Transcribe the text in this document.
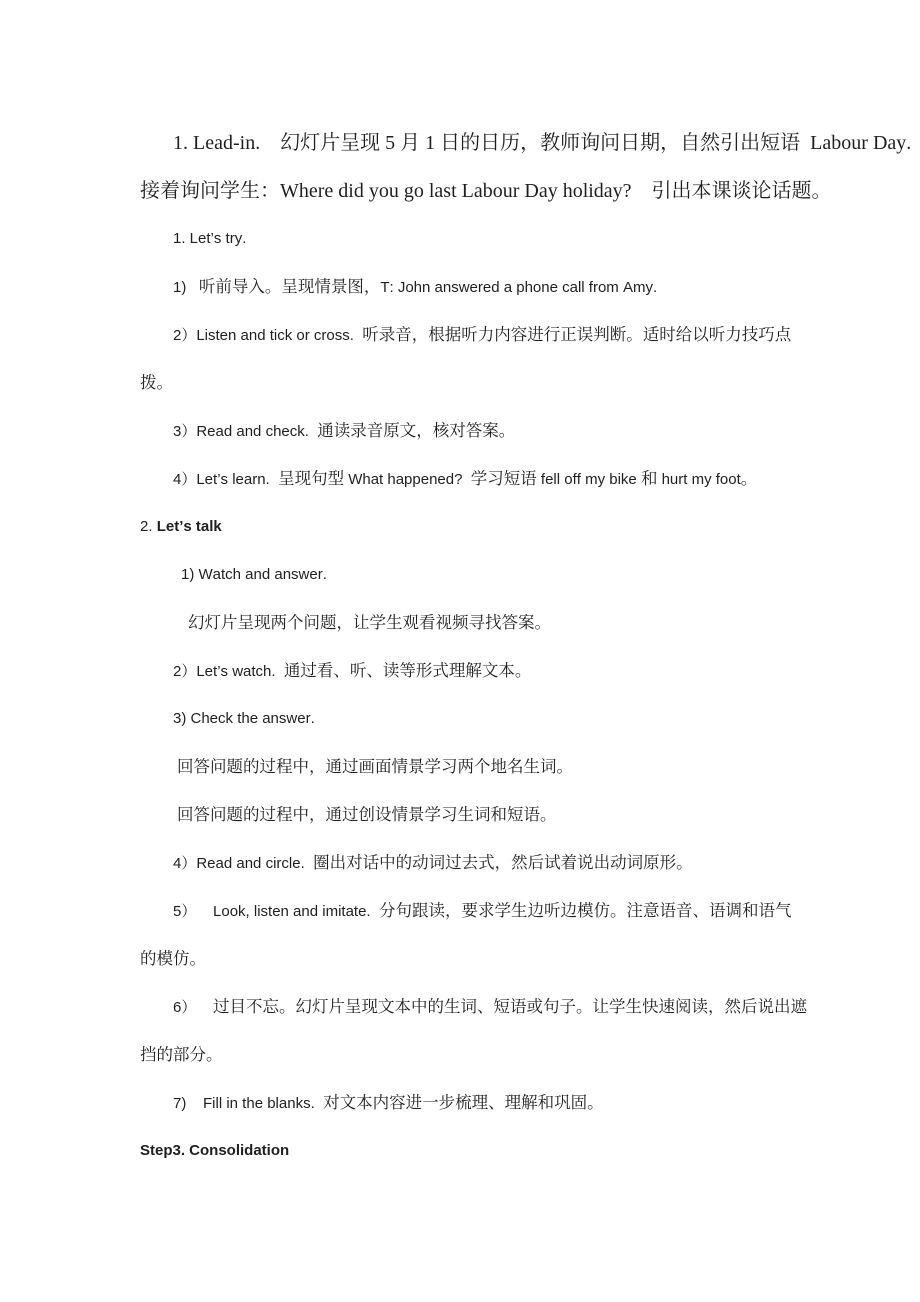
1. Lead-in.    幻灯片呈现 5 月 1 日的日历，教师询问日期，自然引出短语  Labour Day.
接着询问学生：Where did you go last Labour Day holiday?    引出本课谈论话题。
1. Let’s try.
1)   听前导入。呈现情景图，T: John answered a phone call from Amy.
2）Listen and tick or cross.  听录音，根据听力内容进行正误判断。适时给以听力技巧点
拨。
3）Read and check.  通读录音原文，核对答案。
4）Let’s learn.  呈现句型 What happened?  学习短语 fell off my bike 和 hurt my foot。
2. Let’s talk
1) Watch and answer.
幻灯片呈现两个问题，让学生观看视频寻找答案。
2）Let’s watch.  通过看、听、读等形式理解文本。
3) Check the answer.
回答问题的过程中，通过画面情景学习两个地名生词。
回答问题的过程中，通过创设情景学习生词和短语。
4）Read and circle.  圈出对话中的动词过去式，然后试着说出动词原形。
5）    Look, listen and imitate.  分句跟读，要求学生边听边模仿。注意语音、语调和语气
的模仿。
6）    过目不忘。幻灯片呈现文本中的生词、短语或句子。让学生快速阅读，然后说出遮
挡的部分。
7)    Fill in the blanks.  对文本内容进一步梳理、理解和巩固。
Step3. Consolidation
